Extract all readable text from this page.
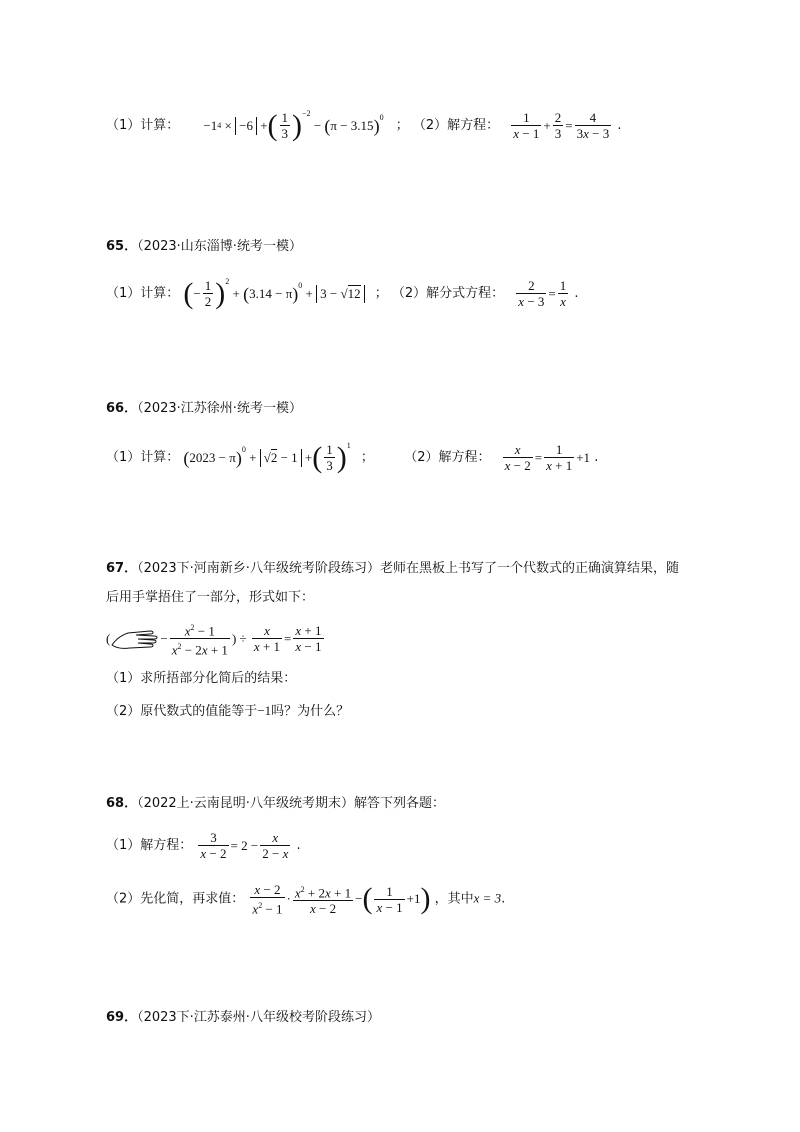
（1）计算： −1 4 × −6 + ( $\frac{1}{3} )^{-2}$
− ( π − 3.15 )$^0$
； （2）解方程： $\frac{1}{x - 1} + \frac{2}{3} = \frac{4}{3x - 3}$ .
65．（2023·山东淄博·统考一模）
（1）计算： ( − $\frac{1}{2} )^2$
+ ( 3.14 − π )$^0$
+ 3 − √12	； （2）解分式方程： $\frac{2}{x - 3} = \frac{1}{x}$ .
66．（2023·江苏徐州·统考一模）
（1）计算： ( 2023 − π )$^0$
+ √2 − 1 + ( $\frac{1}{3} )^1$
； （2）解方程： $\frac{x}{x - 2} = \frac{1}{x + 1} +1$ .
67．（2023下·河南新乡·八年级统考阶段练习）老师在黑板上书写了一个代数式的正确演算结果，随
后用手掌捂住了一部分，形式如下：
(	− $\frac{x^2 - 1}{x^2 - 2x + 1}$ ) ÷ $\frac{x}{x + 1} = \frac{x + 1}{x - 1}$
（1）求所捂部分化简后的结果：
（2）原代数式的值能等于−1吗？为什么？
68．（2022上·云南昆明·八年级统考期末）解答下列各题：
（1）解方程： $\frac{3}{x - 2} = 2 - \frac{x}{2 - x}$ .
（2）先化简，再求值： $\frac{x - 2}{x^2 - 1} \cdot \frac{x^2 + 2x + 1}{x - 2}$ − ( $\frac{1}{x - 1} +1$ ) ，其中x = 3.
69．（2023下·江苏泰州·八年级校考阶段练习）
